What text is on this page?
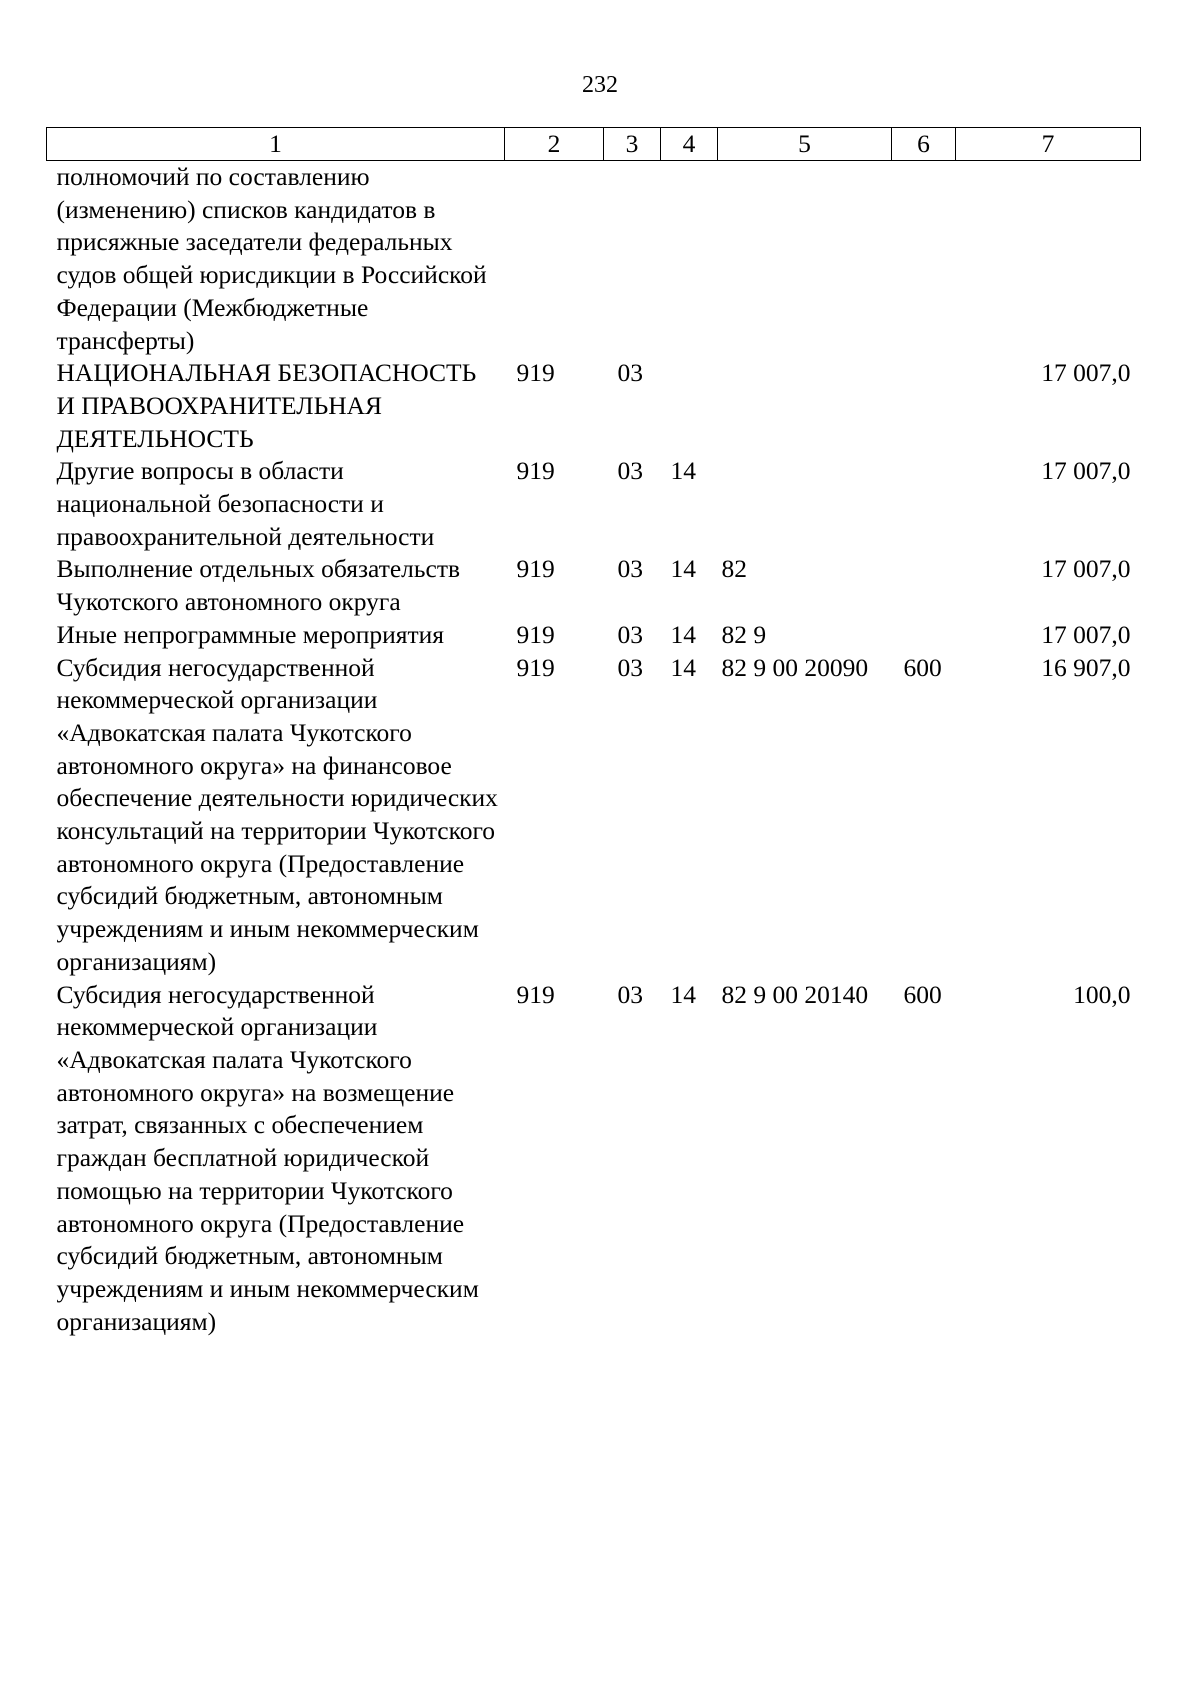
232
1	2	3	4	5	6	7
полномочий по составлению (изменению) списков кандидатов в присяжные заседатели федеральных судов общей юрисдикции в Российской Федерации (Межбюджетные трансферты)						
НАЦИОНАЛЬНАЯ БЕЗОПАСНОСТЬ И ПРАВООХРАНИТЕЛЬНАЯ ДЕЯТЕЛЬНОСТЬ	919	03				17 007,0
Другие вопросы в области национальной безопасности и правоохранительной деятельности	919	03	14			17 007,0
Выполнение отдельных обязательств Чукотского автономного округа	919	03	14	82		17 007,0
Иные непрограммные мероприятия	919	03	14	82 9		17 007,0
Субсидия негосударственной некоммерческой организации «Адвокатская палата Чукотского автономного округа» на финансовое обеспечение деятельности юридических консультаций на территории Чукотского автономного округа (Предоставление субсидий бюджетным, автономным учреждениям и иным некоммерческим организациям)	919	03	14	82 9 00 20090	600	16 907,0
Субсидия негосударственной некоммерческой организации «Адвокатская палата Чукотского автономного округа» на возмещение затрат, связанных с обеспечением граждан бесплатной юридической помощью на территории Чукотского автономного округа (Предоставление субсидий бюджетным, автономным учреждениям и иным некоммерческим организациям)	919	03	14	82 9 00 20140	600	100,0
